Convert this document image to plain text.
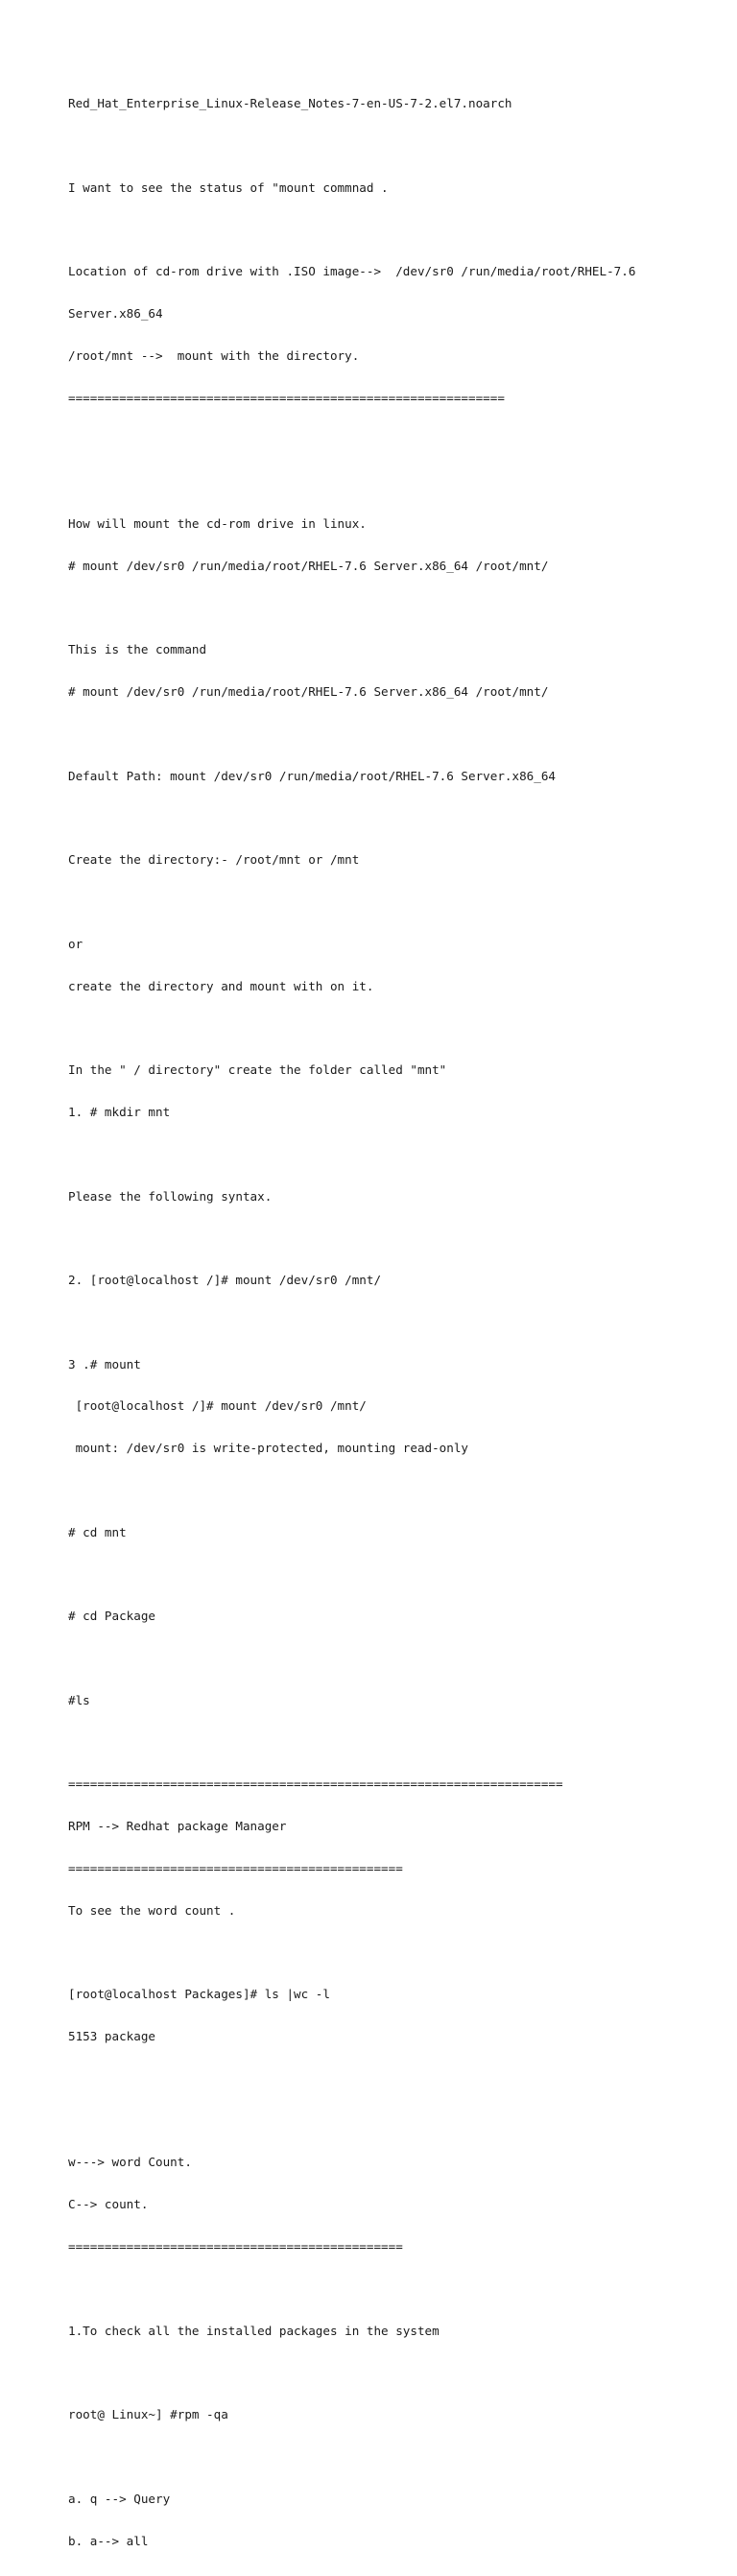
Red_Hat_Enterprise_Linux-Release_Notes-7-en-US-7-2.el7.noarch

I want to see the status of "mount commnad .

Location of cd-rom drive with .ISO image-->  /dev/sr0 /run/media/root/RHEL-7.6

Server.x86_64

/root/mnt -->  mount with the directory.

============================================================

How will mount the cd-rom drive in linux.

# mount /dev/sr0 /run/media/root/RHEL-7.6 Server.x86_64 /root/mnt/

This is the command

# mount /dev/sr0 /run/media/root/RHEL-7.6 Server.x86_64 /root/mnt/

Default Path: mount /dev/sr0 /run/media/root/RHEL-7.6 Server.x86_64

Create the directory:- /root/mnt or /mnt

or

create the directory and mount with on it.

In the " / directory" create the folder called "mnt"

1. # mkdir mnt

Please the following syntax.

2. [root@localhost /]# mount /dev/sr0 /mnt/

3 .# mount

[root@localhost /]# mount /dev/sr0 /mnt/

mount: /dev/sr0 is write-protected, mounting read-only

# cd mnt

# cd Package

#ls

====================================================================

RPM --> Redhat package Manager

==============================================

To see the word count .

[root@localhost Packages]# ls |wc -l

5153 package

w---> word Count.

C--> count.

==============================================

1.To check all the installed packages in the system

root@ Linux~] #rpm -qa

a. q --> Query

b. a--> all
